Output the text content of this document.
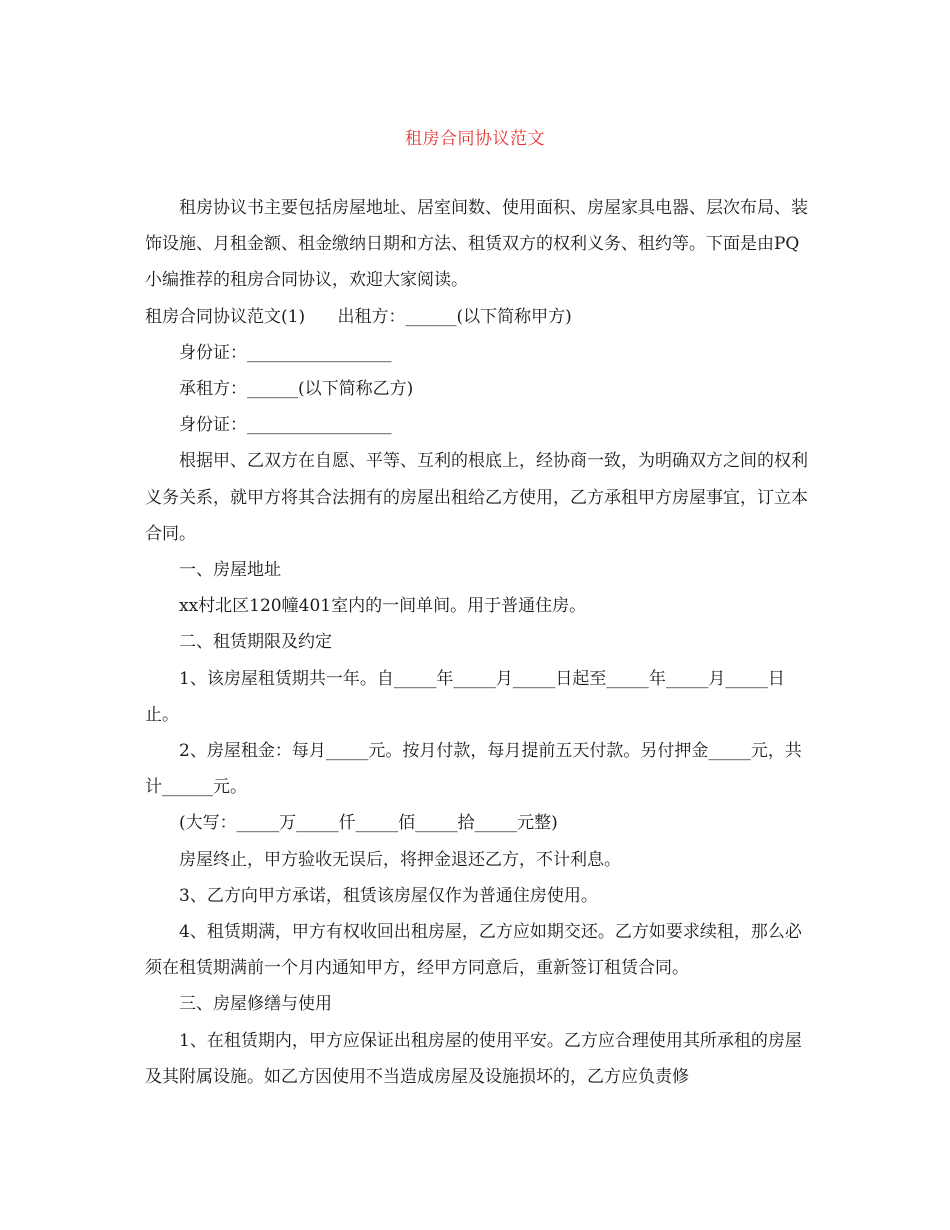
租房合同协议范文

租房协议书主要包括房屋地址、居室间数、使用面积、房屋家具电器、层次布局、装饰设施、月租金额、租金缴纳日期和方法、租赁双方的权利义务、租约等。下面是由PQ小编推荐的租房合同协议，欢迎大家阅读。

租房合同协议范文(1)      出租方：______(以下简称甲方)

身份证：_________________

承租方：______(以下简称乙方)

身份证：_________________

根据甲、乙双方在自愿、平等、互利的根底上，经协商一致，为明确双方之间的权利义务关系，就甲方将其合法拥有的房屋出租给乙方使用，乙方承租甲方房屋事宜，订立本合同。

一、房屋地址

xx村北区120幢401室内的一间单间。用于普通住房。

二、租赁期限及约定

1、该房屋租赁期共一年。自_____年_____月_____日起至_____年_____月_____日止。

2、房屋租金：每月_____元。按月付款，每月提前五天付款。另付押金_____元，共计______元。

(大写：_____万_____仟_____佰_____拾_____元整)

房屋终止，甲方验收无误后，将押金退还乙方，不计利息。

3、乙方向甲方承诺，租赁该房屋仅作为普通住房使用。

4、租赁期满，甲方有权收回出租房屋，乙方应如期交还。乙方如要求续租，那么必须在租赁期满前一个月内通知甲方，经甲方同意后，重新签订租赁合同。

三、房屋修缮与使用

1、在租赁期内，甲方应保证出租房屋的使用平安。乙方应合理使用其所承租的房屋及其附属设施。如乙方因使用不当造成房屋及设施损坏的，乙方应负责修
